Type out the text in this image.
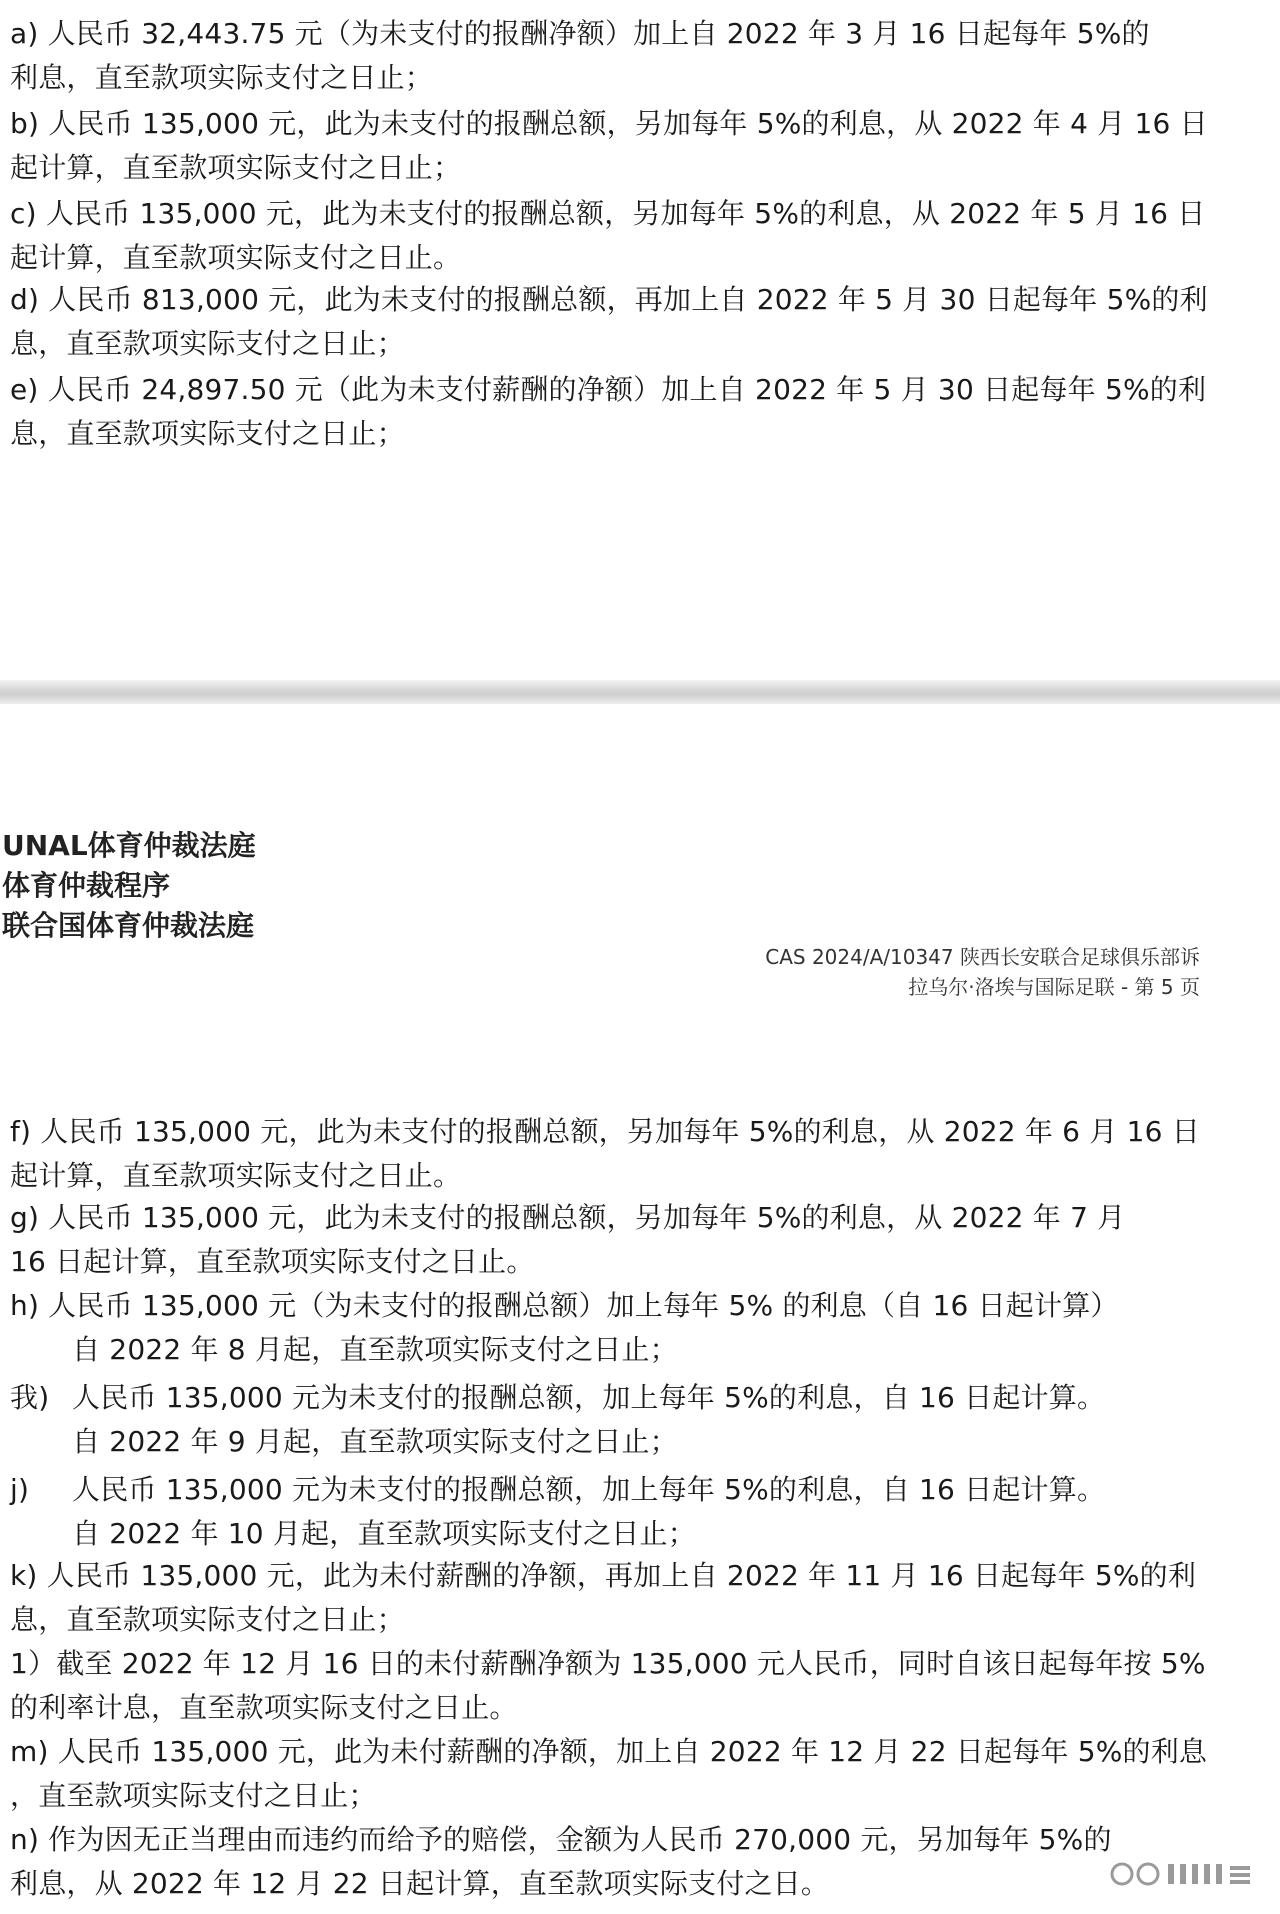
a) 人民币 32,443.75 元（为未支付的报酬净额）加上自 2022 年 3 月 16 日起每年 5%的
利息，直至款项实际支付之日止；

b) 人民币 135,000 元，此为未支付的报酬总额，另加每年 5%的利息，从 2022 年 4 月 16 日
起计算，直至款项实际支付之日止；

c) 人民币 135,000 元，此为未支付的报酬总额，另加每年 5%的利息，从 2022 年 5 月 16 日
起计算，直至款项实际支付之日止。

d) 人民币 813,000 元，此为未支付的报酬总额，再加上自 2022 年 5 月 30 日起每年 5%的利
息，直至款项实际支付之日止；

e) 人民币 24,897.50 元（此为未支付薪酬的净额）加上自 2022 年 5 月 30 日起每年 5%的利
息，直至款项实际支付之日止；

UNAL体育仲裁法庭
体育仲裁程序
联合国体育仲裁法庭
CAS 2024/A/10347 陕西长安联合足球俱乐部诉
拉乌尔·洛埃与国际足联 - 第 5 页

f) 人民币 135,000 元，此为未支付的报酬总额，另加每年 5%的利息，从 2022 年 6 月 16 日
起计算，直至款项实际支付之日止。

g) 人民币 135,000 元，此为未支付的报酬总额，另加每年 5%的利息，从 2022 年 7 月
16 日起计算，直至款项实际支付之日止。

h) 人民币 135,000 元（为未支付的报酬总额）加上每年 5% 的利息（自 16 日起计算）
自 2022 年 8 月起，直至款项实际支付之日止；

我) 人民币 135,000 元为未支付的报酬总额，加上每年 5%的利息，自 16 日起计算。
自 2022 年 9 月起，直至款项实际支付之日止；

j) 人民币 135,000 元为未支付的报酬总额，加上每年 5%的利息，自 16 日起计算。
自 2022 年 10 月起，直至款项实际支付之日止；

k) 人民币 135,000 元，此为未付薪酬的净额，再加上自 2022 年 11 月 16 日起每年 5%的利
息，直至款项实际支付之日止；

1）截至 2022 年 12 月 16 日的未付薪酬净额为 135,000 元人民币，同时自该日起每年按 5%
的利率计息，直至款项实际支付之日止。

m) 人民币 135,000 元，此为未付薪酬的净额，加上自 2022 年 12 月 22 日起每年 5%的利息
，直至款项实际支付之日止；

n) 作为因无正当理由而违约而给予的赔偿，金额为人民币 270,000 元，另加每年 5%的
利息，从 2022 年 12 月 22 日起计算，直至款项实际支付之日。
